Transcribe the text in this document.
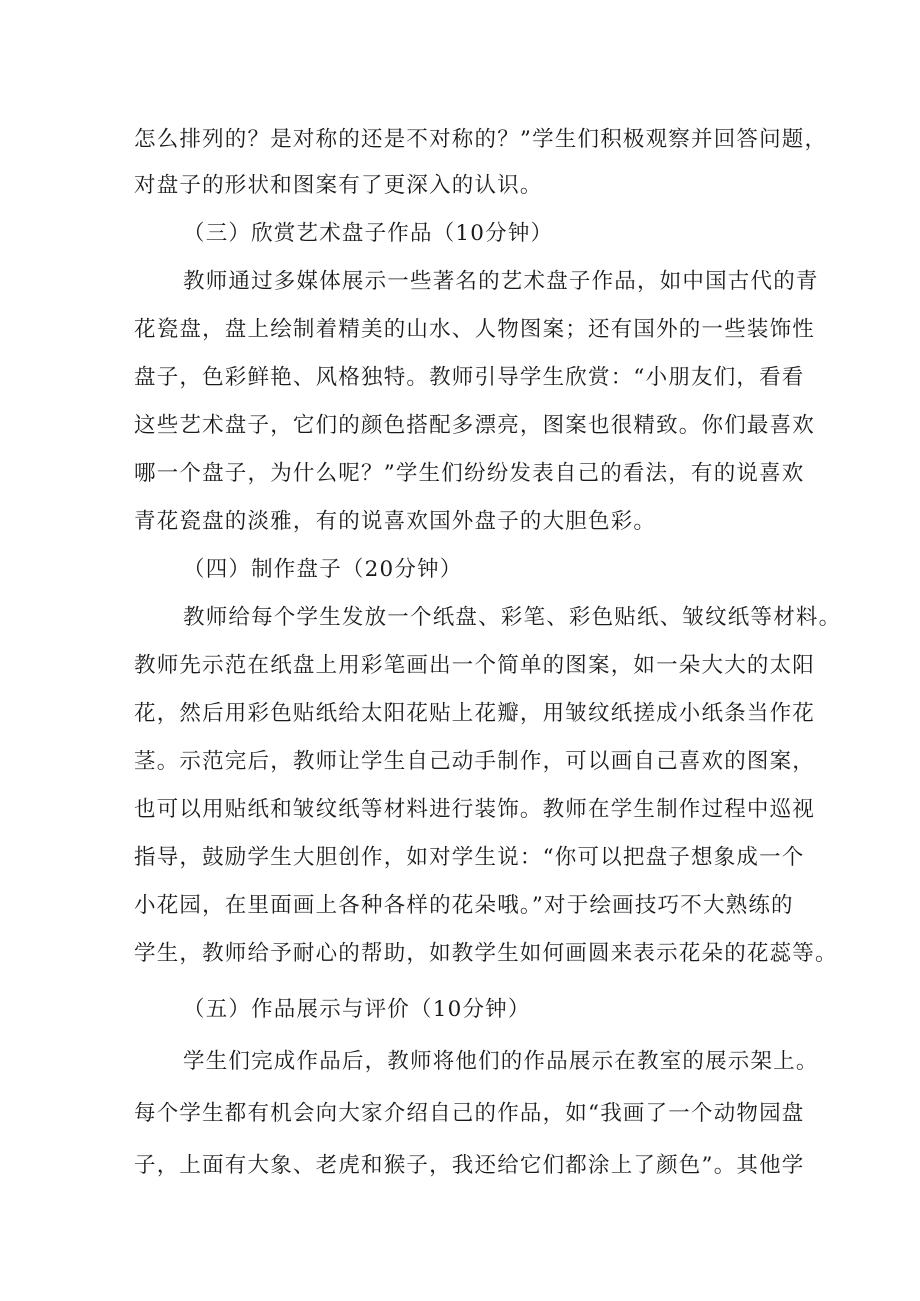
怎么排列的？是对称的还是不对称的？”学生们积极观察并回答问题，
对盘子的形状和图案有了更深入的认识。
（三）欣赏艺术盘子作品（10分钟）
教师通过多媒体展示一些著名的艺术盘子作品，如中国古代的青
花瓷盘，盘上绘制着精美的山水、人物图案；还有国外的一些装饰性
盘子，色彩鲜艳、风格独特。教师引导学生欣赏：“小朋友们，看看
这些艺术盘子，它们的颜色搭配多漂亮，图案也很精致。你们最喜欢
哪一个盘子，为什么呢？”学生们纷纷发表自己的看法，有的说喜欢
青花瓷盘的淡雅，有的说喜欢国外盘子的大胆色彩。
（四）制作盘子（20分钟）
教师给每个学生发放一个纸盘、彩笔、彩色贴纸、皱纹纸等材料。
教师先示范在纸盘上用彩笔画出一个简单的图案，如一朵大大的太阳
花，然后用彩色贴纸给太阳花贴上花瓣，用皱纹纸搓成小纸条当作花
茎。示范完后，教师让学生自己动手制作，可以画自己喜欢的图案，
也可以用贴纸和皱纹纸等材料进行装饰。教师在学生制作过程中巡视
指导，鼓励学生大胆创作，如对学生说：“你可以把盘子想象成一个
小花园，在里面画上各种各样的花朵哦。”对于绘画技巧不大熟练的
学生，教师给予耐心的帮助，如教学生如何画圆来表示花朵的花蕊等。
（五）作品展示与评价（10分钟）
学生们完成作品后，教师将他们的作品展示在教室的展示架上。
每个学生都有机会向大家介绍自己的作品，如“我画了一个动物园盘
子，上面有大象、老虎和猴子，我还给它们都涂上了颜色”。其他学
